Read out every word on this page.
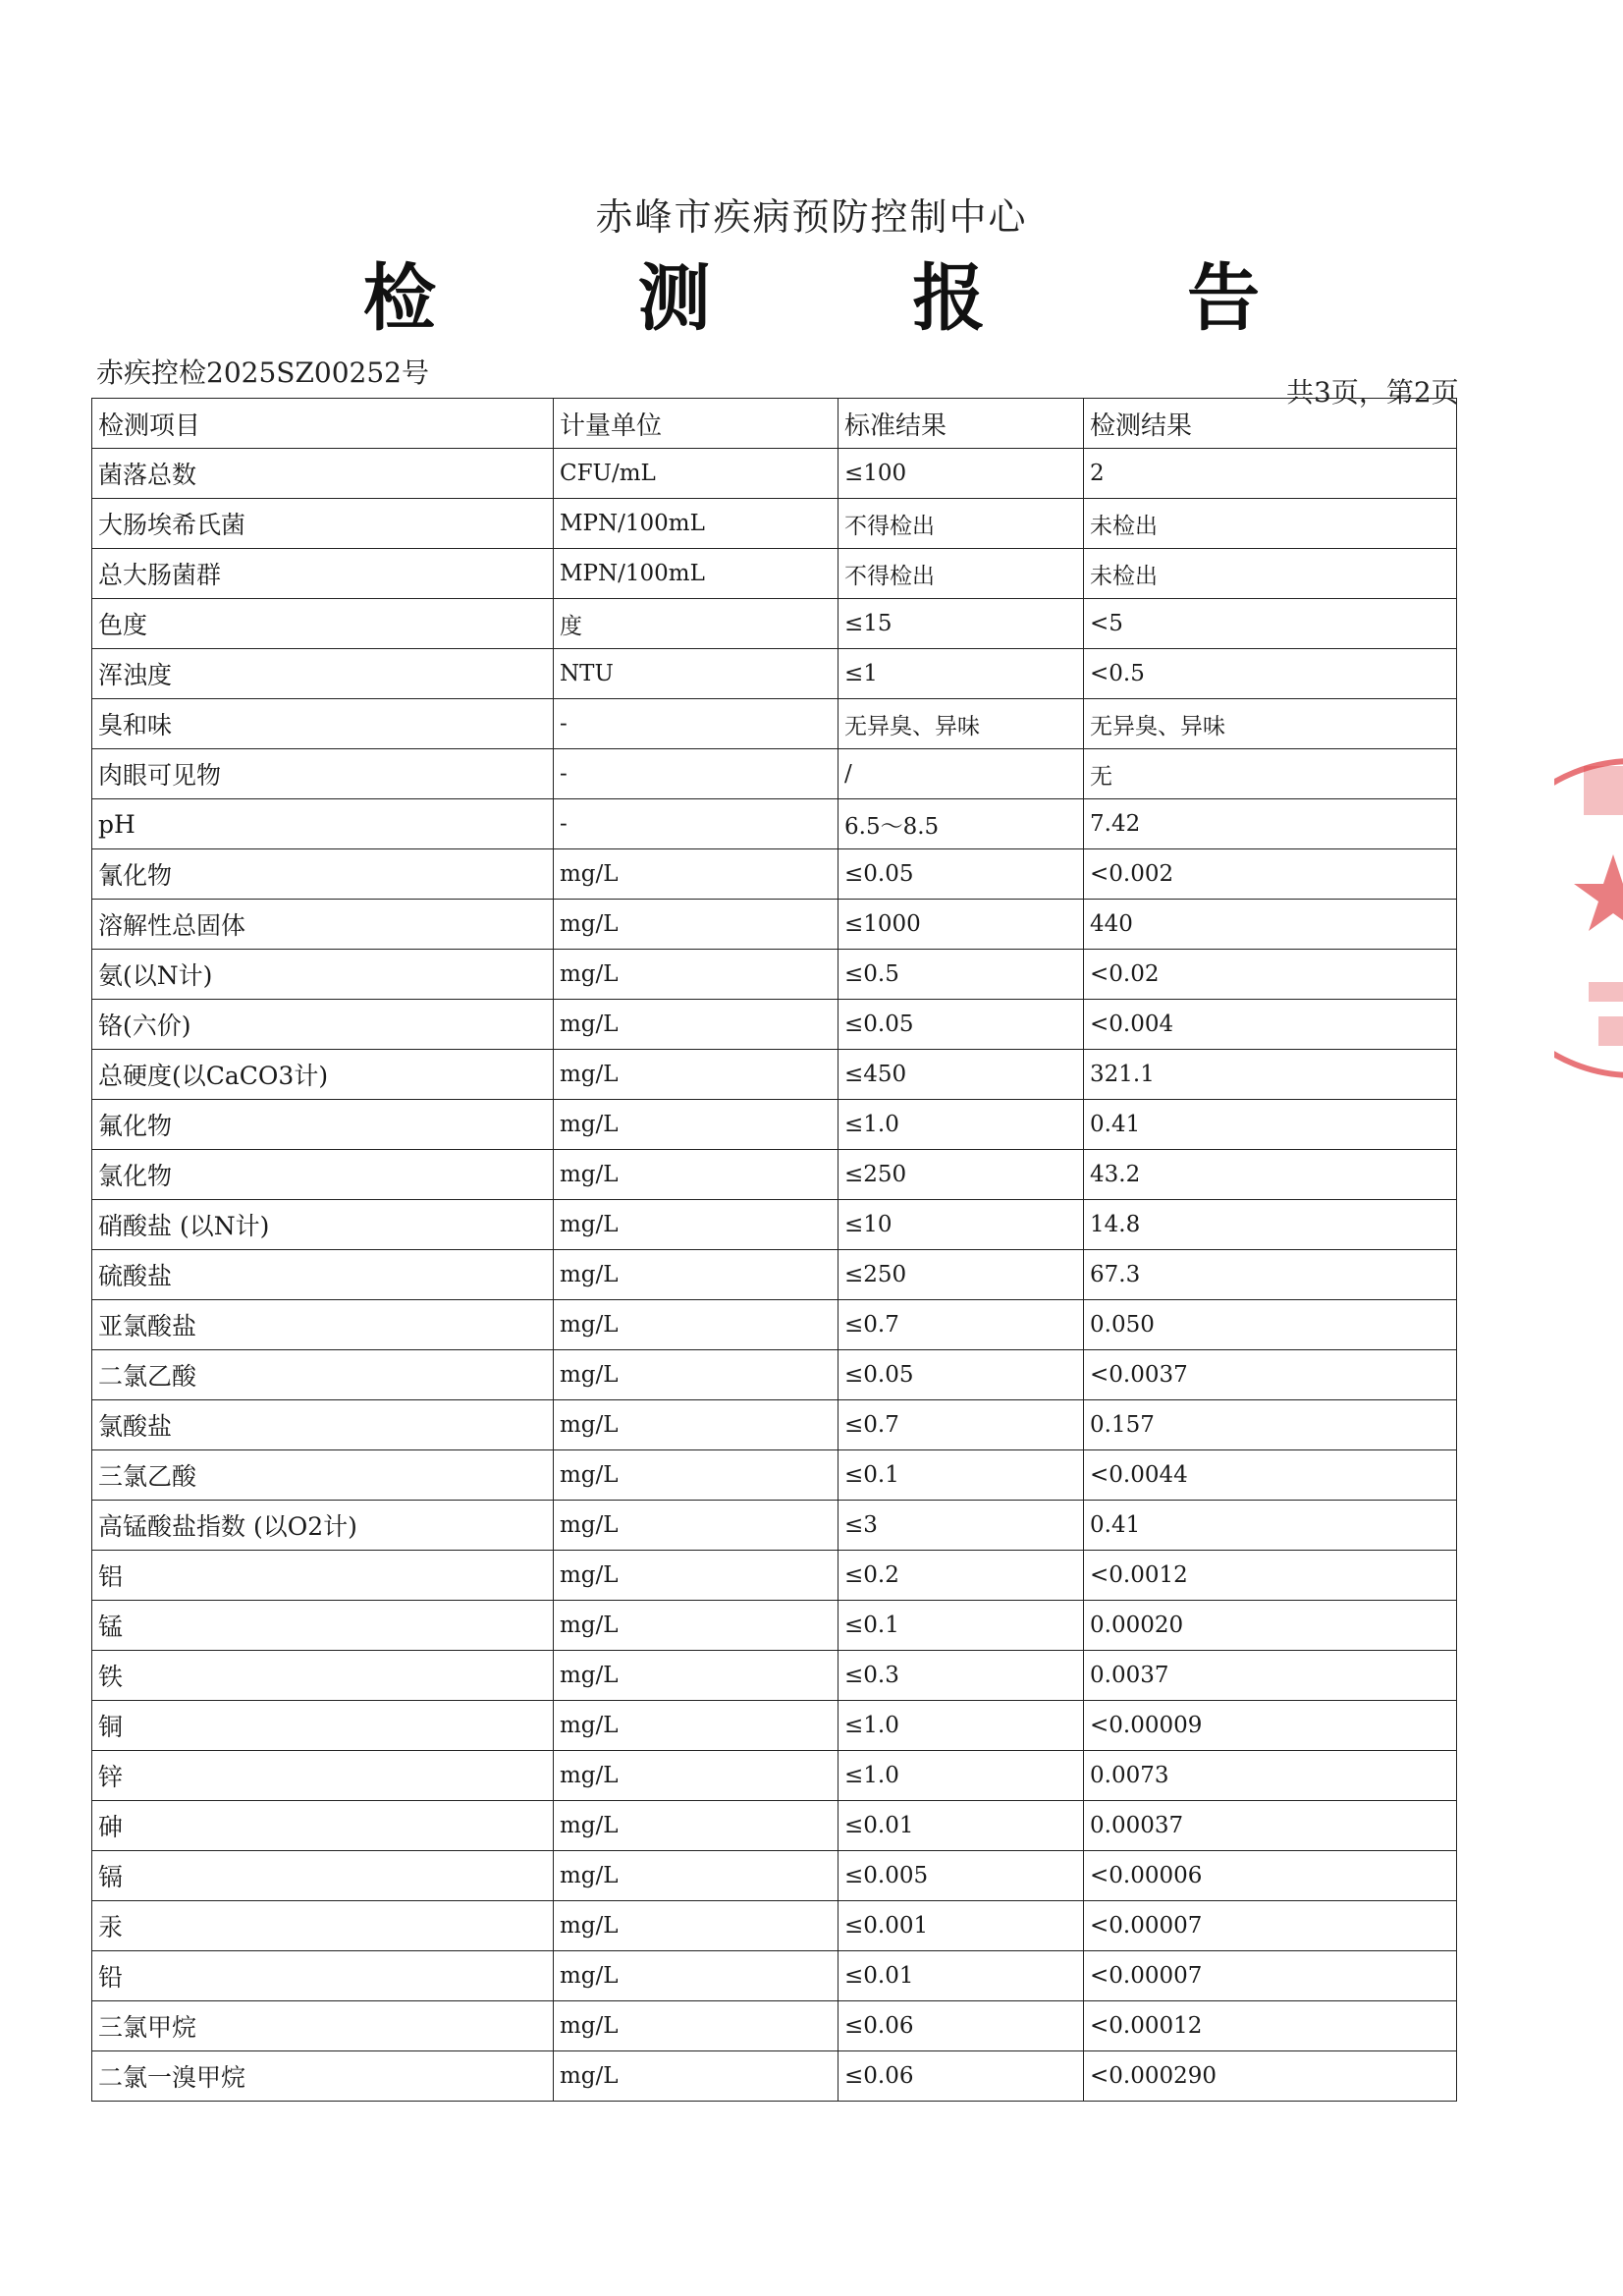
赤峰市疾病预防控制中心
检 测 报 告
赤疾控检2025SZ00252号
共3页，第2页
检测项目	计量单位	标准结果	检测结果
菌落总数	CFU/mL	≤100	2
大肠埃希氏菌	MPN/100mL	不得检出	未检出
总大肠菌群	MPN/100mL	不得检出	未检出
色度	度	≤15	<5
浑浊度	NTU	≤1	<0.5
臭和味	-	无异臭、异味	无异臭、异味
肉眼可见物	-	/	无
pH	-	6.5～8.5	7.42
氰化物	mg/L	≤0.05	<0.002
溶解性总固体	mg/L	≤1000	440
氨(以N计)	mg/L	≤0.5	<0.02
铬(六价)	mg/L	≤0.05	<0.004
总硬度(以CaCO3计)	mg/L	≤450	321.1
氟化物	mg/L	≤1.0	0.41
氯化物	mg/L	≤250	43.2
硝酸盐 (以N计)	mg/L	≤10	14.8
硫酸盐	mg/L	≤250	67.3
亚氯酸盐	mg/L	≤0.7	0.050
二氯乙酸	mg/L	≤0.05	<0.0037
氯酸盐	mg/L	≤0.7	0.157
三氯乙酸	mg/L	≤0.1	<0.0044
高锰酸盐指数 (以O2计)	mg/L	≤3	0.41
铝	mg/L	≤0.2	<0.0012
锰	mg/L	≤0.1	0.00020
铁	mg/L	≤0.3	0.0037
铜	mg/L	≤1.0	<0.00009
锌	mg/L	≤1.0	0.0073
砷	mg/L	≤0.01	0.00037
镉	mg/L	≤0.005	<0.00006
汞	mg/L	≤0.001	<0.00007
铅	mg/L	≤0.01	<0.00007
三氯甲烷	mg/L	≤0.06	<0.00012
二氯一溴甲烷	mg/L	≤0.06	<0.000290
